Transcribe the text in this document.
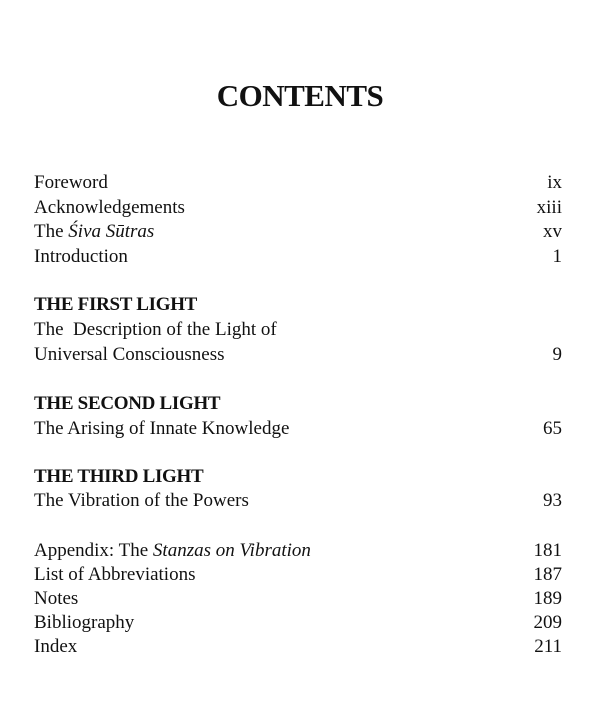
CONTENTS
Foreword	ix
Acknowledgements	xiii
The Śiva Sūtras	xv
Introduction	1
THE FIRST LIGHT
The  Description of the Light of
Universal Consciousness	9
THE SECOND LIGHT
The Arising of Innate Knowledge	65
THE THIRD LIGHT
The Vibration of the Powers	93
Appendix: The Stanzas on Vibration	181
List of Abbreviations	187
Notes	189
Bibliography	209
Index	211
